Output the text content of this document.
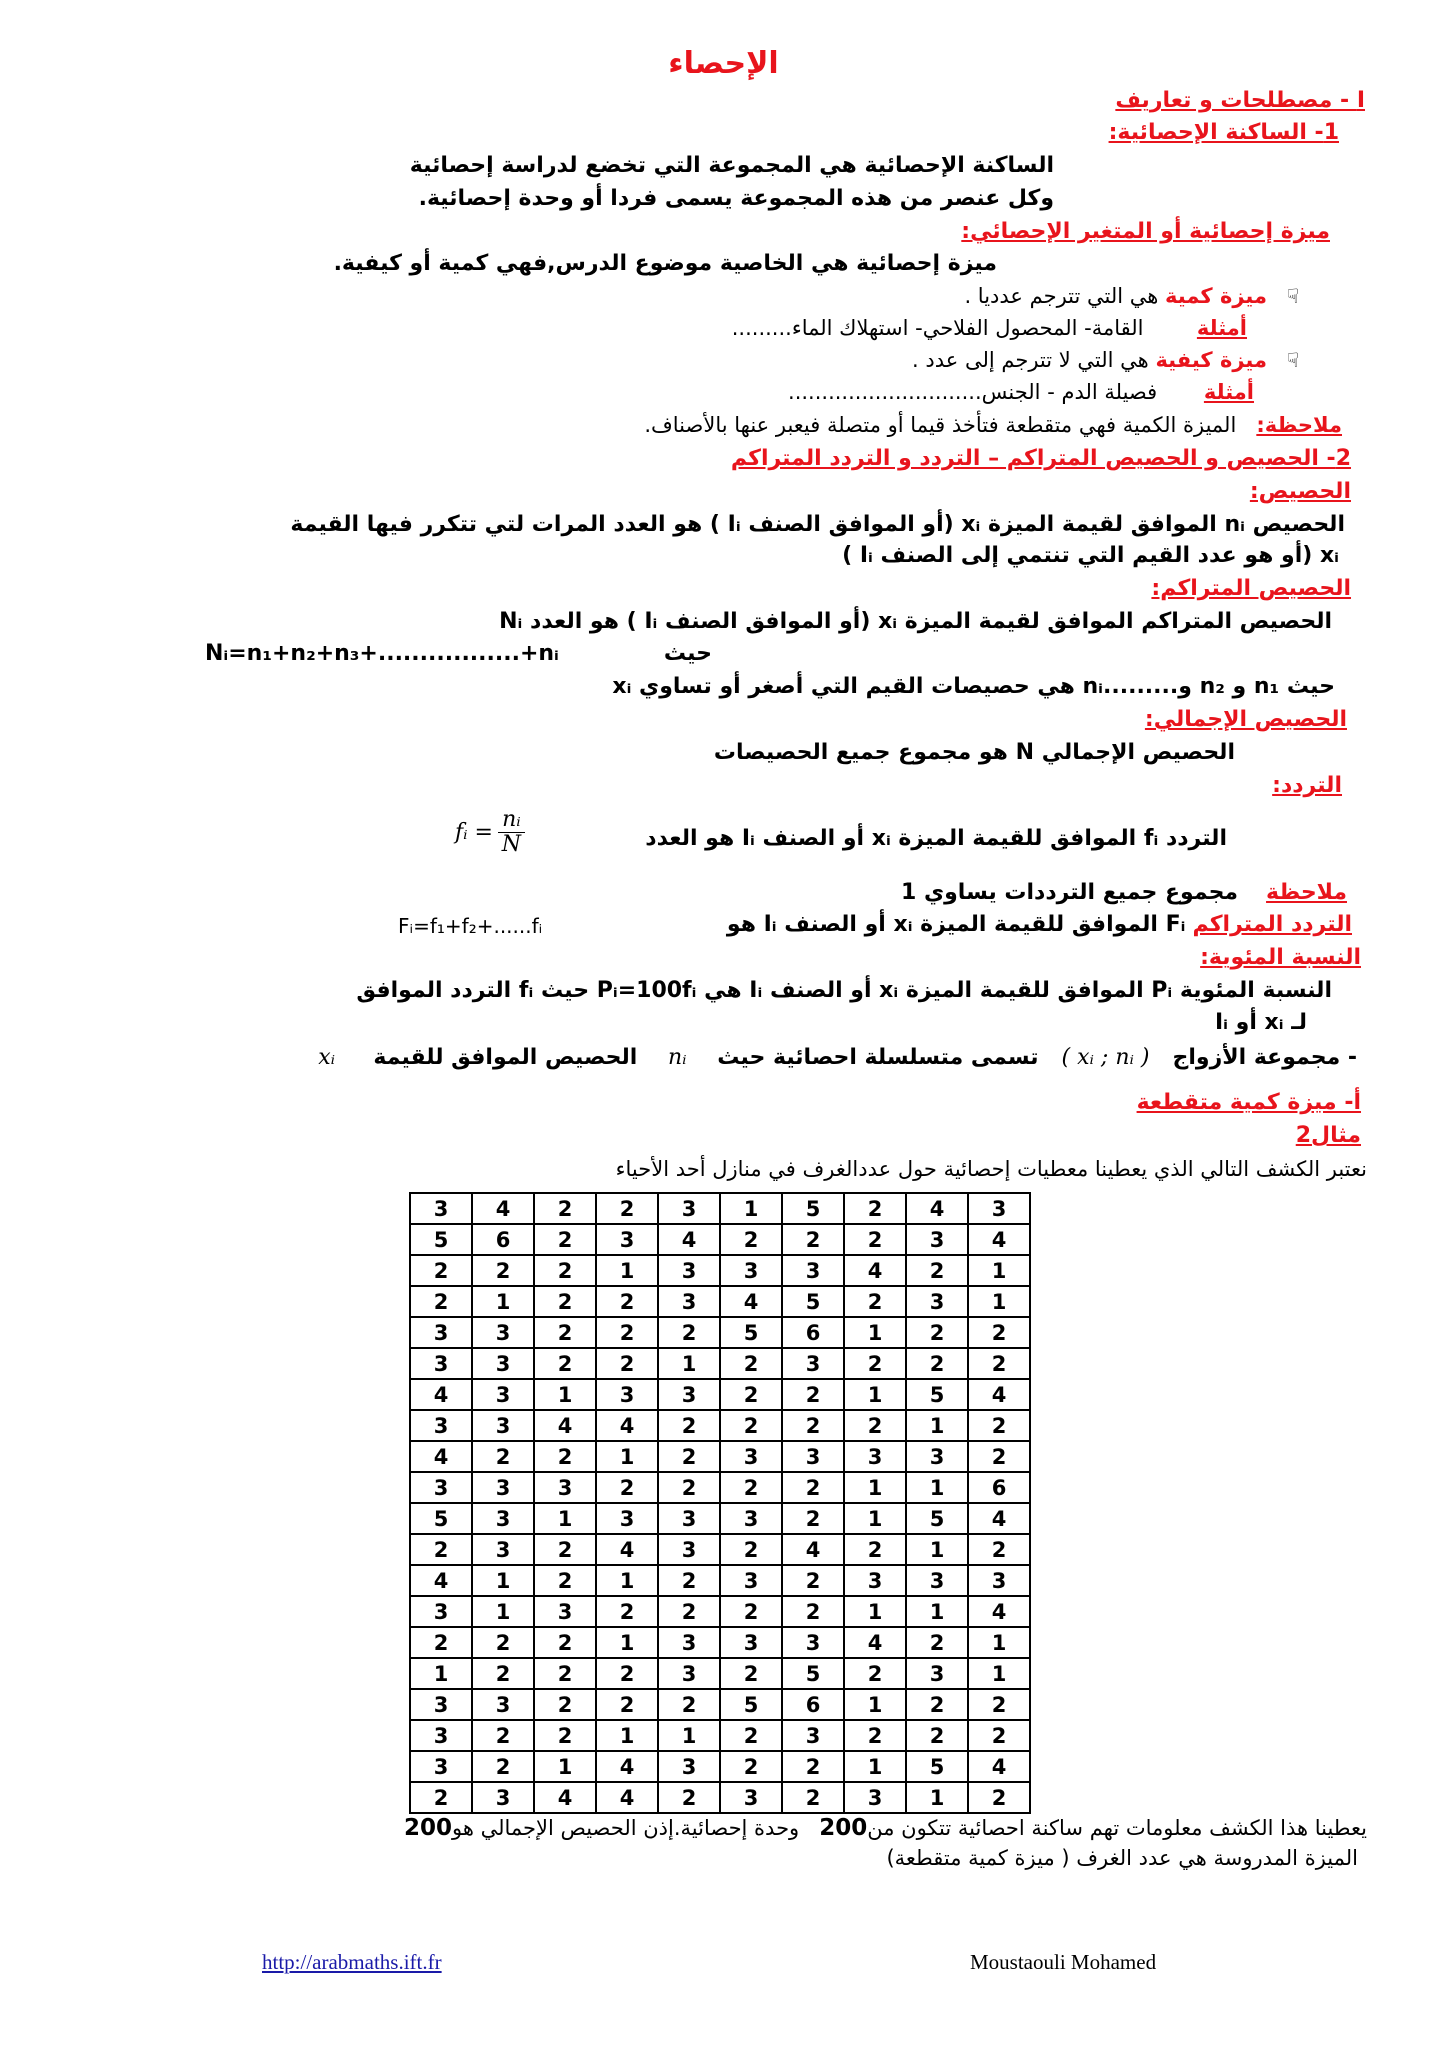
الإحصاء
I - مصطلحات و تعاريف
1- الساكنة الإحصائية:
الساكنة الإحصائية هي المجموعة التي تخضع لدراسة إحصائية
وكل عنصر من هذه المجموعة يسمى فردا أو وحدة إحصائية.
ميزة إحصائية أو المتغير الإحصائي:
ميزة إحصائية هي الخاصية موضوع الدرس,فهي كمية أو كيفية.
ميزة كمية هي التي تترجم عدديا .	☟
أمثلة        القامة- المحصول الفلاحي- استهلاك الماء.........
ميزة كيفية هي التي لا تترجم إلى عدد .	☟
أمثلة       فصيلة الدم - الجنس.............................
ملاحظة:   الميزة الكمية فهي متقطعة فتأخذ قيما أو متصلة فيعبر عنها بالأصناف.
2- الحصيص و الحصيص المتراكم – التردد و التردد المتراكم
الحصيص:
الحصيص nᵢ الموافق لقيمة الميزة xᵢ (أو الموافق الصنف Iᵢ ) هو العدد المرات لتي تتكرر فيها القيمة
xᵢ (أو هو عدد القيم التي تنتمي إلى الصنف Iᵢ )
الحصيص المتراكم:
الحصيص المتراكم الموافق لقيمة الميزة xᵢ (أو الموافق الصنف Iᵢ ) هو العدد Nᵢ
حيث
Nᵢ=n₁+n₂+n₃+.................+nᵢ
حيث n₁ و n₂ و.........nᵢ هي حصيصات القيم التي أصغر أو تساوي xᵢ
الحصيص الإجمالي:
الحصيص الإجمالي N هو مجموع جميع الحصيصات
التردد:
التردد fᵢ الموافق للقيمة الميزة xᵢ أو الصنف Iᵢ هو العدد
fᵢ = $\frac{\text{nᵢ}}{N}$
ملاحظة    مجموع جميع الترددات يساوي 1
التردد المتراكم Fᵢ الموافق للقيمة الميزة xᵢ أو الصنف Iᵢ هو
Fᵢ=f₁+f₂+......fᵢ
النسبة المئوية:
النسبة المئوية Pᵢ الموافق للقيمة الميزة xᵢ أو الصنف Iᵢ هي Pᵢ=100fᵢ حيث fᵢ التردد الموافق
لـ xᵢ أو Iᵢ
- مجموعة الأزواج   ( xᵢ ; nᵢ )   تسمى متسلسلة احصائية حيث    nᵢ    الحصيص الموافق للقيمة     xᵢ
أ- ميزة كمية متقطعة
مثال2
نعتبر الكشف التالي الذي يعطينا معطيات إحصائية حول عددالغرف في منازل أحد الأحياء
3	4	2	2	3	1	5	2	4	3
5	6	2	3	4	2	2	2	3	4
2	2	2	1	3	3	3	4	2	1
2	1	2	2	3	4	5	2	3	1
3	3	2	2	2	5	6	1	2	2
3	3	2	2	1	2	3	2	2	2
4	3	1	3	3	2	2	1	5	4
3	3	4	4	2	2	2	2	1	2
4	2	2	1	2	3	3	3	3	2
3	3	3	2	2	2	2	1	1	6
5	3	1	3	3	3	2	1	5	4
2	3	2	4	3	2	4	2	1	2
4	1	2	1	2	3	2	3	3	3
3	1	3	2	2	2	2	1	1	4
2	2	2	1	3	3	3	4	2	1
1	2	2	2	3	2	5	2	3	1
3	3	2	2	2	5	6	1	2	2
3	2	2	1	1	2	3	2	2	2
3	2	1	4	3	2	2	1	5	4
2	3	4	4	2	3	2	3	1	2
يعطينا هذا الكشف معلومات تهم ساكنة احصائية تتكون من200   وحدة إحصائية.إذن الحصيص الإجمالي هو200
الميزة المدروسة هي عدد الغرف ( ميزة كمية متقطعة)
http://arabmaths.ift.fr	Moustaouli Mohamed
